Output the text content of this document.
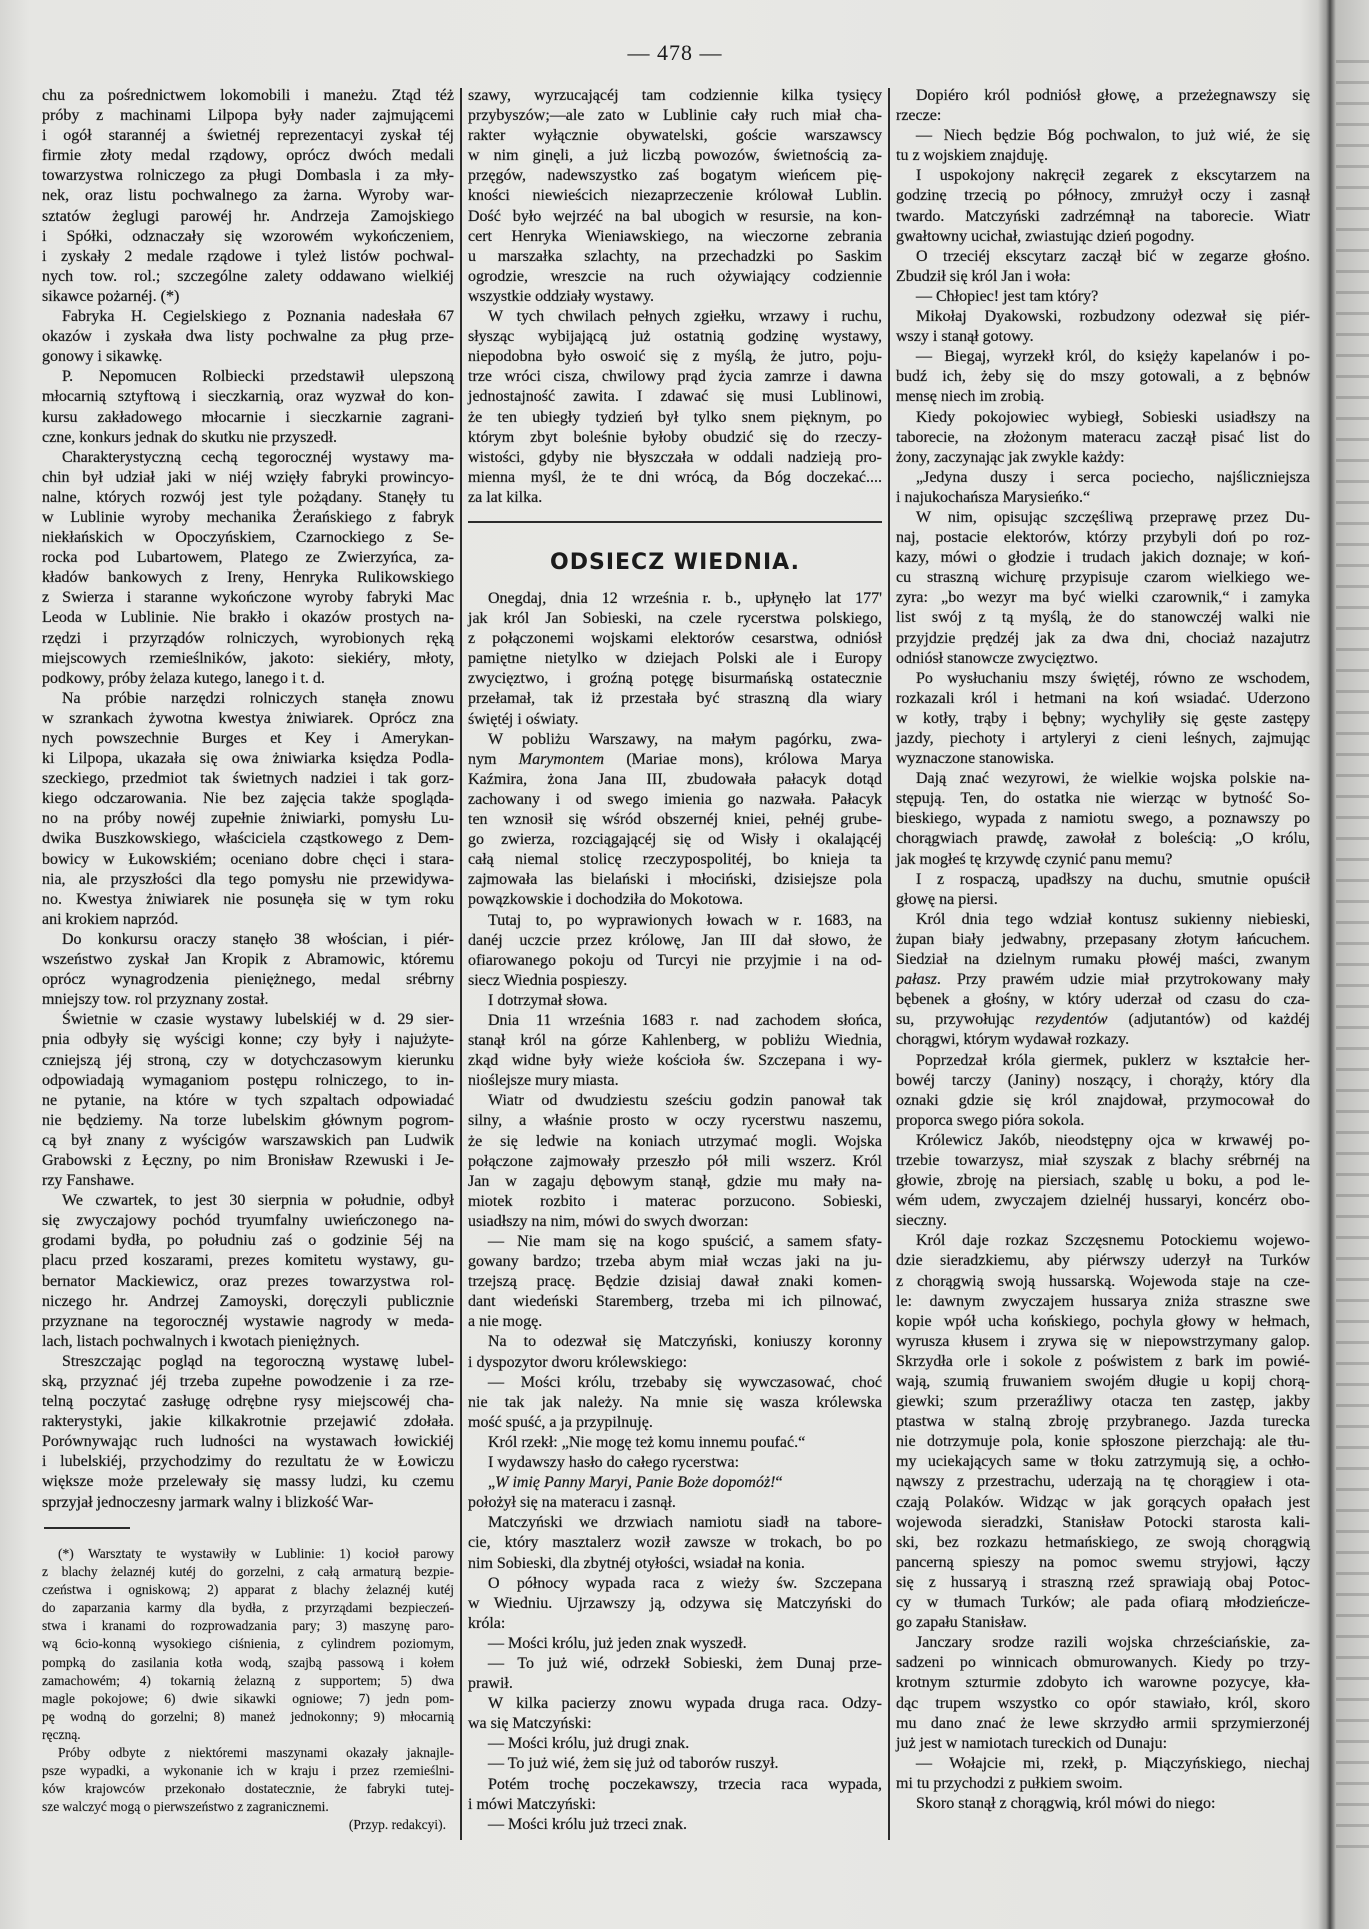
— 478 —
chu za pośrednictwem lokomobili i maneżu. Ztąd téż
próby z machinami Lilpopa były nader zajmującemi
i ogół starannéj a świetnéj reprezentacyi zyskał téj
firmie złoty medal rządowy, oprócz dwóch medali
towarzystwa rolniczego za pługi Dombasla i za mły-
nek, oraz listu pochwalnego za żarna. Wyroby war-
sztatów żeglugi parowéj hr. Andrzeja Zamojskiego
i Spółki, odznaczały się wzorowém wykończeniem,
i zyskały 2 medale rządowe i tyleż listów pochwal-
nych tow. rol.; szczególne zalety oddawano wielkiéj
sikawce pożarnéj. (*)
Fabryka H. Cegielskiego z Poznania nadesłała 67
okazów i zyskała dwa listy pochwalne za pług prze-
gonowy i sikawkę.
P. Nepomucen Rolbiecki przedstawił ulepszoną
młocarnią sztyftową i sieczkarnią, oraz wyzwał do kon-
kursu zakładowego młocarnie i sieczkarnie zagrani-
czne, konkurs jednak do skutku nie przyszedł.
Charakterystyczną cechą tegorocznéj wystawy ma-
chin był udział jaki w niéj wzięły fabryki prowincyo-
nalne, których rozwój jest tyle pożądany. Stanęły tu
w Lublinie wyroby mechanika Żerańskiego z fabryk
niekłańskich w Opoczyńskiem, Czarnockiego z Se-
rocka pod Lubartowem, Platego ze Zwierzyńca, za-
kładów bankowych z Ireny, Henryka Rulikowskiego
z Swierza i staranne wykończone wyroby fabryki Mac
Leoda w Lublinie. Nie brakło i okazów prostych na-
rzędzi i przyrządów rolniczych, wyrobionych ręką
miejscowych rzemieślników, jakoto: siekiéry, młoty,
podkowy, próby żelaza kutego, lanego i t. d.
Na próbie narzędzi rolniczych stanęła znowu
w szrankach żywotna kwestya żniwiarek. Oprócz zna
nych powszechnie Burges et Key i Amerykan-
ki Lilpopa, ukazała się owa żniwiarka księdza Podla-
szeckiego, przedmiot tak świetnych nadziei i tak gorz-
kiego odczarowania. Nie bez zajęcia także spogląda-
no na próby nowéj zupełnie żniwiarki, pomysłu Lu-
dwika Buszkowskiego, właściciela cząstkowego z Dem-
bowicy w Łukowskiém; oceniano dobre chęci i stara-
nia, ale przyszłości dla tego pomysłu nie przewidywa-
no. Kwestya żniwiarek nie posunęła się w tym roku
ani krokiem naprzód.
Do konkursu oraczy stanęło 38 włościan, i piér-
wszeństwo zyskał Jan Kropik z Abramowic, któremu
oprócz wynagrodzenia pieniężnego, medal srébrny
mniejszy tow. rol przyznany został.
Świetnie w czasie wystawy lubelskiéj w d. 29 sier-
pnia odbyły się wyścigi konne; czy były i najużyte-
czniejszą jéj stroną, czy w dotychczasowym kierunku
odpowiadają wymaganiom postępu rolniczego, to in-
ne pytanie, na które w tych szpaltach odpowiadać
nie będziemy. Na torze lubelskim głównym pogrom-
cą był znany z wyścigów warszawskich pan Ludwik
Grabowski z Łęczny, po nim Bronisław Rzewuski i Je-
rzy Fanshawe.
We czwartek, to jest 30 sierpnia w południe, odbył
się zwyczajowy pochód tryumfalny uwieńczonego na-
grodami bydła, po południu zaś o godzinie 5éj na
placu przed koszarami, prezes komitetu wystawy, gu-
bernator Mackiewicz, oraz prezes towarzystwa rol-
niczego hr. Andrzej Zamoyski, doręczyli publicznie
przyznane na tegorocznéj wystawie nagrody w meda-
lach, listach pochwalnych i kwotach pieniężnych.
Streszczając pogląd na tegoroczną wystawę lubel-
ską, przyznać jéj trzeba zupełne powodzenie i za rze-
telną poczytać zasługę odrębne rysy miejscowéj cha-
rakterystyki, jakie kilkakrotnie przejawić zdołała.
Porównywając ruch ludności na wystawach łowickiéj
i lubelskiéj, przychodzimy do rezultatu że w Łowiczu
większe może przelewały się massy ludzi, ku czemu
sprzyjał jednoczesny jarmark walny i blizkość War-
(*) Warsztaty te wystawiły w Lublinie: 1) kocioł parowy
z blachy żelaznéj kutéj do gorzelni, z całą armaturą bezpie-
czeństwa i ogniskową; 2) apparat z blachy żelaznéj kutéj
do zaparzania karmy dla bydła, z przyrządami bezpieczeń-
stwa i kranami do rozprowadzania pary; 3) maszynę paro-
wą 6cio-konną wysokiego ciśnienia, z cylindrem poziomym,
pompką do zasilania kotła wodą, szajbą passową i kołem
zamachowém; 4) tokarnią żelazną z supportem; 5) dwa
magle pokojowe; 6) dwie sikawki ogniowe; 7) jedn pom-
pę wodną do gorzelni; 8) maneż jednokonny; 9) młocarnią
ręczną.
Próby odbyte z niektóremi maszynami okazały jaknajle-
psze wypadki, a wykonanie ich w kraju i przez rzemieślni-
ków krajowców przekonało dostatecznie, że fabryki tutej-
sze walczyć mogą o pierwszeństwo z zagranicznemi.
(Przyp. redakcyi).
szawy, wyrzucającéj tam codziennie kilka tysięcy
przybyszów;—ale zato w Lublinie cały ruch miał cha-
rakter wyłącznie obywatelski, goście warszawscy
w nim ginęli, a już liczbą powozów, świetnością za-
przęgów, nadewszystko zaś bogatym wieńcem pię-
kności niewieścich niezaprzeczenie królował Lublin.
Dość było wejrzéć na bal ubogich w resursie, na kon-
cert Henryka Wieniawskiego, na wieczorne zebrania
u marszałka szlachty, na przechadzki po Saskim
ogrodzie, wreszcie na ruch ożywiający codziennie
wszystkie oddziały wystawy.
W tych chwilach pełnych zgiełku, wrzawy i ruchu,
słysząc wybijającą już ostatnią godzinę wystawy,
niepodobna było oswoić się z myślą, że jutro, poju-
trze wróci cisza, chwilowy prąd życia zamrze i dawna
jednostajność zawita. I zdawać się musi Lublinowi,
że ten ubiegły tydzień był tylko snem pięknym, po
którym zbyt boleśnie byłoby obudzić się do rzeczy-
wistości, gdyby nie błyszczała w oddali nadzieją pro-
mienna myśl, że te dni wrócą, da Bóg doczekać....
za lat kilka.
ODSIECZ WIEDNIA.
Onegdaj, dnia 12 września r. b., upłynęło lat 177'
jak król Jan Sobieski, na czele rycerstwa polskiego,
z połączonemi wojskami elektorów cesarstwa, odniósł
pamiętne nietylko w dziejach Polski ale i Europy
zwycięztwo, i groźną potęgę bisurmańską ostatecznie
przełamał, tak iż przestała być straszną dla wiary
świętéj i oświaty.
W pobliżu Warszawy, na małym pagórku, zwa-
nym Marymontem (Mariae mons), królowa Marya
Kaźmira, żona Jana III, zbudowała pałacyk dotąd
zachowany i od swego imienia go nazwała. Pałacyk
ten wznosił się wśród obszernéj kniei, pełnéj grube-
go zwierza, rozciągającéj się od Wisły i okalającéj
całą niemal stolicę rzeczypospolitéj, bo knieja ta
zajmowała las bielański i młociński, dzisiejsze pola
powązkowskie i dochodziła do Mokotowa.
Tutaj to, po wyprawionych łowach w r. 1683, na
danéj uczcie przez królowę, Jan III dał słowo, że
ofiarowanego pokoju od Turcyi nie przyjmie i na od-
siecz Wiednia pospieszy.
I dotrzymał słowa.
Dnia 11 września 1683 r. nad zachodem słońca,
stanął król na górze Kahlenberg, w pobliżu Wiednia,
zkąd widne były wieże kościoła św. Szczepana i wy-
nioślejsze mury miasta.
Wiatr od dwudziestu sześciu godzin panował tak
silny, a właśnie prosto w oczy rycerstwu naszemu,
że się ledwie na koniach utrzymać mogli. Wojska
połączone zajmowały przeszło pół mili wszerz. Król
Jan w zagaju dębowym stanął, gdzie mu mały na-
miotek rozbito i materac porzucono. Sobieski,
usiadłszy na nim, mówi do swych dworzan:
— Nie mam się na kogo spuścić, a samem sfaty-
gowany bardzo; trzeba abym miał wczas jaki na ju-
trzejszą pracę. Będzie dzisiaj dawał znaki komen-
dant wiedeński Staremberg, trzeba mi ich pilnować,
a nie mogę.
Na to odezwał się Matczyński, koniuszy koronny
i dyspozytor dworu królewskiego:
— Mości królu, trzebaby się wywczasować, choć
nie tak jak należy. Na mnie się wasza królewska
mość spuść, a ja przypilnuję.
Król rzekł: „Nie mogę też komu innemu poufać.“
I wydawszy hasło do całego rycerstwa:
„W imię Panny Maryi, Panie Boże dopomóż!“
położył się na materacu i zasnął.
Matczyński we drzwiach namiotu siadł na tabore-
cie, który masztalerz woził zawsze w trokach, bo po
nim Sobieski, dla zbytnéj otyłości, wsiadał na konia.
O północy wypada raca z wieży św. Szczepana
w Wiedniu. Ujrzawszy ją, odzywa się Matczyński do
króla:
— Mości królu, już jeden znak wyszedł.
— To już wié, odrzekł Sobieski, żem Dunaj prze-
prawił.
W kilka pacierzy znowu wypada druga raca. Odzy-
wa się Matczyński:
— Mości królu, już drugi znak.
— To już wié, żem się już od taborów ruszył.
Potém trochę poczekawszy, trzecia raca wypada,
i mówi Matczyński:
— Mości królu już trzeci znak.
Dopiéro król podniósł głowę, a przeżegnawszy się
rzecze:
— Niech będzie Bóg pochwalon, to już wié, że się
tu z wojskiem znajduję.
I uspokojony nakręcił zegarek z ekscytarzem na
godzinę trzecią po północy, zmrużył oczy i zasnął
twardo. Matczyński zadrzémnął na taborecie. Wiatr
gwałtowny ucichał, zwiastując dzień pogodny.
O trzeciéj ekscytarz zaczął bić w zegarze głośno.
Zbudził się król Jan i woła:
— Chłopiec! jest tam który?
Mikołaj Dyakowski, rozbudzony odezwał się piér-
wszy i stanął gotowy.
— Biegaj, wyrzekł król, do księży kapelanów i po-
budź ich, żeby się do mszy gotowali, a z bębnów
mensę niech im zrobią.
Kiedy pokojowiec wybiegł, Sobieski usiadłszy na
taborecie, na złożonym materacu zaczął pisać list do
żony, zaczynając jak zwykle każdy:
„Jedyna duszy i serca pociecho, najśliczniejsza
i najukochańsza Marysieńko.“
W nim, opisując szczęśliwą przeprawę przez Du-
naj, postacie elektorów, którzy przybyli doń po roz-
kazy, mówi o głodzie i trudach jakich doznaje; w koń-
cu straszną wichurę przypisuje czarom wielkiego we-
zyra: „bo wezyr ma być wielki czarownik,“ i zamyka
list swój z tą myślą, że do stanowczéj walki nie
przyjdzie prędzéj jak za dwa dni, chociaż nazajutrz
odniósł stanowcze zwycięztwo.
Po wysłuchaniu mszy świętéj, równo ze wschodem,
rozkazali król i hetmani na koń wsiadać. Uderzono
w kotły, trąby i bębny; wychyliły się gęste zastępy
jazdy, piechoty i artyleryi z cieni leśnych, zajmując
wyznaczone stanowiska.
Dają znać wezyrowi, że wielkie wojska polskie na-
stępują. Ten, do ostatka nie wierząc w bytność So-
bieskiego, wypada z namiotu swego, a poznawszy po
chorągwiach prawdę, zawołał z boleścią: „O królu,
jak mogłeś tę krzywdę czynić panu memu?
I z rospaczą, upadłszy na duchu, smutnie opuścił
głowę na piersi.
Król dnia tego wdział kontusz sukienny niebieski,
żupan biały jedwabny, przepasany złotym łańcuchem.
Siedział na dzielnym rumaku płowéj maści, zwanym
pałasz. Przy prawém udzie miał przytrokowany mały
bębenek a głośny, w który uderzał od czasu do cza-
su, przywołując rezydentów (adjutantów) od każdéj
chorągwi, którym wydawał rozkazy.
Poprzedzał króla giermek, puklerz w kształcie her-
bowéj tarczy (Janiny) noszący, i chorąży, który dla
oznaki gdzie się król znajdował, przymocował do
proporca swego pióra sokola.
Królewicz Jakób, nieodstępny ojca w krwawéj po-
trzebie towarzysz, miał szyszak z blachy srébrnéj na
głowie, zbroję na piersiach, szablę u boku, a pod le-
wém udem, zwyczajem dzielnéj hussaryi, koncérz obo-
sieczny.
Król daje rozkaz Szczęsnemu Potockiemu wojewo-
dzie sieradzkiemu, aby piérwszy uderzył na Turków
z chorągwią swoją hussarską. Wojewoda staje na cze-
le: dawnym zwyczajem hussarya zniża straszne swe
kopie wpół ucha końskiego, pochyla głowy w hełmach,
wyrusza kłusem i zrywa się w niepowstrzymany galop.
Skrzydła orle i sokole z poświstem z bark im powié-
wają, szumią fruwaniem swojém długie u kopij chorą-
giewki; szum przeraźliwy otacza ten zastęp, jakby
ptastwa w stalną zbroję przybranego. Jazda turecka
nie dotrzymuje pola, konie spłoszone pierzchają: ale tłu-
my uciekających same w tłoku zatrzymują się, a ochło-
nąwszy z przestrachu, uderzają na tę chorągiew i ota-
czają Polaków. Widząc w jak gorących opałach jest
wojewoda sieradzki, Stanisław Potocki starosta kali-
ski, bez rozkazu hetmańskiego, ze swoją chorągwią
pancerną spieszy na pomoc swemu stryjowi, łączy
się z hussaryą i straszną rzeź sprawiają obaj Potoc-
cy w tłumach Turków; ale pada ofiarą młodzieńcze-
go zapału Stanisław.
Janczary srodze razili wojska chrześciańskie, za-
sadzeni po winnicach obmurowanych. Kiedy po trzy-
krotnym szturmie zdobyto ich warowne pozycye, kła-
dąc trupem wszystko co opór stawiało, król, skoro
mu dano znać że lewe skrzydło armii sprzymierzonéj
już jest w namiotach tureckich od Dunaju:
— Wołajcie mi, rzekł, p. Miączyńskiego, niechaj
mi tu przychodzi z pułkiem swoim.
Skoro stanął z chorągwią, król mówi do niego:
